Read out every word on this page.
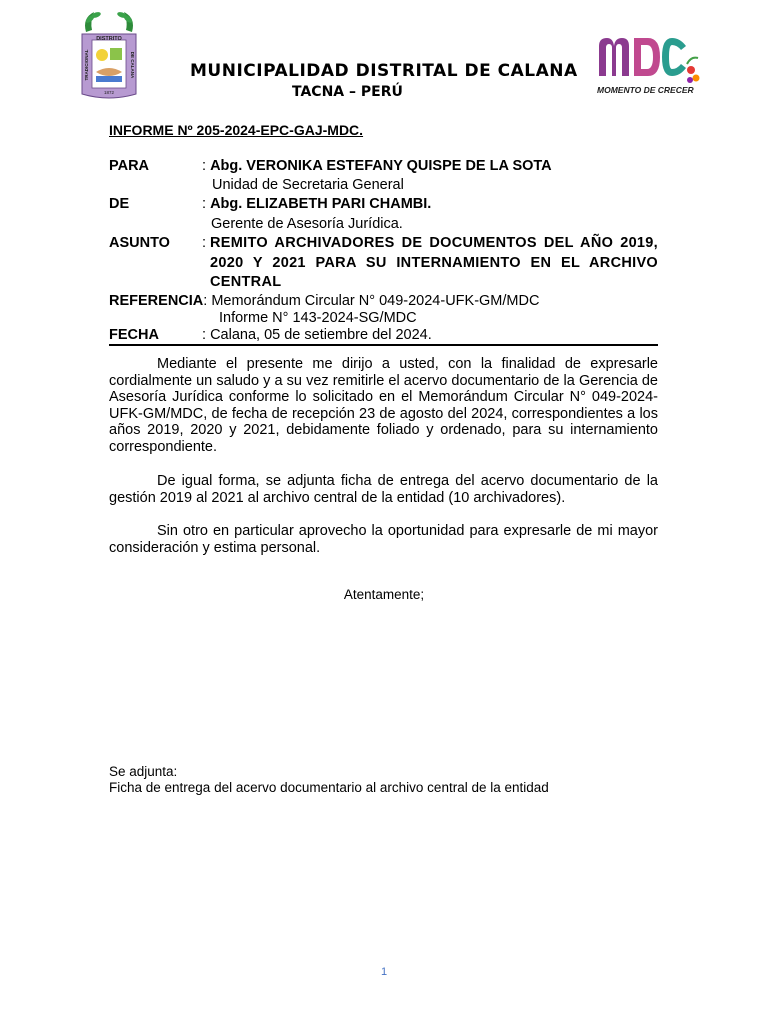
DISTRITO
TRADICIONAL	DE CALANA
1872
MUNICIPALIDAD DISTRITAL DE CALANA
TACNA – PERÚ	MOMENTO DE CRECER
INFORME Nº 205-2024-EPC-GAJ-MDC.
PARA	: Abg. VERONIKA ESTEFANY QUISPE DE LA SOTA
Unidad de Secretaria General
DE	: Abg. ELIZABETH PARI CHAMBI.
Gerente de Asesoría Jurídica.
ASUNTO : REMITO ARCHIVADORES DE DOCUMENTOS DEL AÑO 2019, 2020 Y 2021 PARA SU INTERNAMIENTO EN EL ARCHIVO CENTRAL
REFERENCIA: Memorándum Circular N° 049-2024-UFK-GM/MDC
Informe N° 143-2024-SG/MDC
FECHA	: Calana, 05 de setiembre del 2024.
Mediante el presente me dirijo a usted, con la finalidad de expresarle cordialmente un saludo y a su vez remitirle el acervo documentario de la Gerencia de Asesoría Jurídica conforme lo solicitado en el Memorándum Circular N° 049-2024-UFK-GM/MDC, de fecha de recepción 23 de agosto del 2024, correspondientes a los años 2019, 2020 y 2021, debidamente foliado y ordenado, para su internamiento correspondiente.
De igual forma, se adjunta ficha de entrega del acervo documentario de la gestión 2019 al 2021 al archivo central de la entidad (10 archivadores).
Sin otro en particular aprovecho la oportunidad para expresarle de mi mayor consideración y estima personal.
Atentamente;
Se adjunta:
Ficha de entrega del acervo documentario al archivo central de la entidad
1
